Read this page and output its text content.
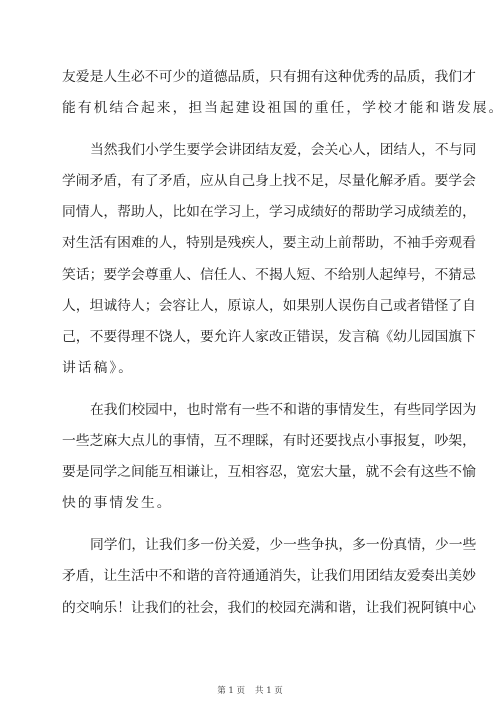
友爱是人生必不可少的道德品质，只有拥有这种优秀的品质，我们才
能有机结合起来，担当起建设祖国的重任，学校才能和谐发展。
当然我们小学生要学会讲团结友爱，会关心人，团结人，不与同
学闹矛盾，有了矛盾，应从自己身上找不足，尽量化解矛盾。要学会
同情人，帮助人，比如在学习上，学习成绩好的帮助学习成绩差的，
对生活有困难的人，特别是残疾人，要主动上前帮助，不袖手旁观看
笑话；要学会尊重人、信任人、不揭人短、不给别人起绰号，不猜忌
人，坦诚待人；会容让人，原谅人，如果别人误伤自己或者错怪了自
己，不要得理不饶人，要允许人家改正错误，发言稿《幼儿园国旗下
讲话稿》。
在我们校园中，也时常有一些不和谐的事情发生，有些同学因为
一些芝麻大点儿的事情，互不理睬，有时还要找点小事报复，吵架，
要是同学之间能互相谦让，互相容忍，宽宏大量，就不会有这些不愉
快的事情发生。
同学们，让我们多一份关爱，少一些争执，多一份真情，少一些
矛盾，让生活中不和谐的音符通通消失，让我们用团结友爱奏出美妙
的交响乐！让我们的社会，我们的校园充满和谐，让我们祝阿镇中心
第 1 页 共 1 页
